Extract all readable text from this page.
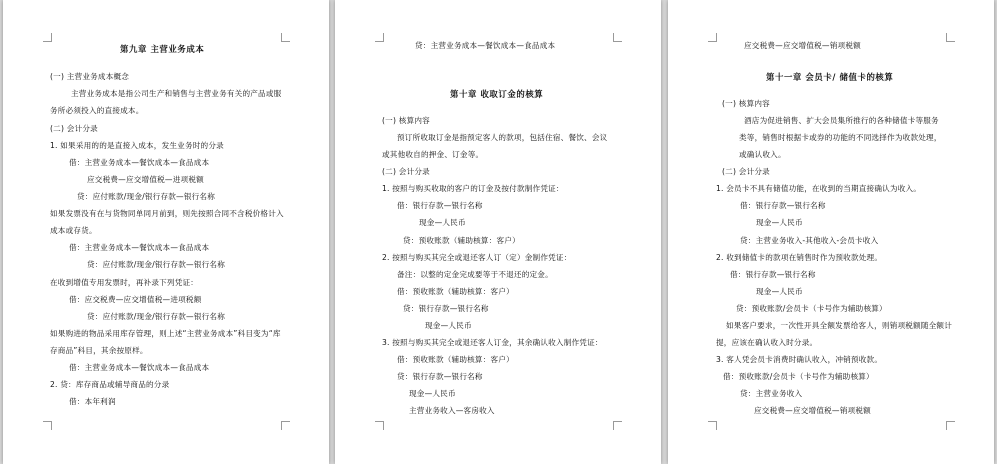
第九章 主营业务成本
(一) 主营业务成本概念
主营业务成本是指公司生产和销售与主营业务有关的产品或服
务所必须投入的直接成本。
(二) 会计分录
1. 如果采用的的是直接入成本，发生业务时的分录
借：主营业务成本—餐饮成本—食品成本
应交税费—应交增值税—进项税额
贷：应付账款/现金/银行存款—银行名称
如果发票没有在与货物同单同月前到，则先按照合同不含税价格计入
成本或存货。
借：主营业务成本—餐饮成本—食品成本
贷：应付账款/现金/银行存款—银行名称
在收到增值专用发票时，再补录下列凭证：
借：应交税费—应交增值税—进项税额
贷：应付账款/现金/银行存款—银行名称
如果购进的物品采用库存管理，则上述“主营业务成本”科目变为“库
存商品”科目，其余按原样。
借：主营业务成本—餐饮成本—食品成本
2. 贷：库存商品或辅导商品的分录
借：本年利润
贷：主营业务成本—餐饮成本—食品成本
第十章 收取订金的核算
(一) 核算内容
预订所收取订金是指预定客人的款项，包括住宿、餐饮、会议
或其他收自的押金、订金等。
(二) 会计分录
1. 按照与购买收取的客户的订金及按付款制作凭证：
借：银行存款—银行名称
现金—人民币
贷：预收账款（辅助核算：客户）
2. 按照与购买其完全或退还客人订（定）金制作凭证：
备注：以整的定金完成要等于不退还的定金。
借：预收账款（辅助核算：客户）
贷：银行存款—银行名称
现金—人民币
3. 按照与购买其完全或退还客人订金，其余确认收入制作凭证：
借：预收账款（辅助核算：客户）
贷：银行存款—银行名称
现金—人民币
主营业务收入—客房收入
应交税费—应交增值税—销项税额
第十一章 会员卡/ 储值卡的核算
(一) 核算内容
酒店为促进销售、扩大会员集所推行的各种储值卡等服务
类等，销售时根据卡或券的功能的不同选择作为收款处理，
或确认收入。
(二) 会计分录
1. 会员卡不具有储值功能，在收到的当期直接确认为收入。
借：银行存款—银行名称
现金—人民币
贷：主营业务收入-其他收入-会员卡收入
2. 收到储值卡的款项在销售时作为预收款处理。
借：银行存款—银行名称
现金—人民币
贷：预收账款/会员卡（卡号作为辅助核算）
如果客户要求，一次性开具全额发票给客人，则销项税额随全额计
提，应该在确认收入时分录。
3. 客人凭会员卡消费时确认收入，冲销预收款。
借：预收账款/会员卡（卡号作为辅助核算）
贷：主营业务收入
应交税费—应交增值税—销项税额
